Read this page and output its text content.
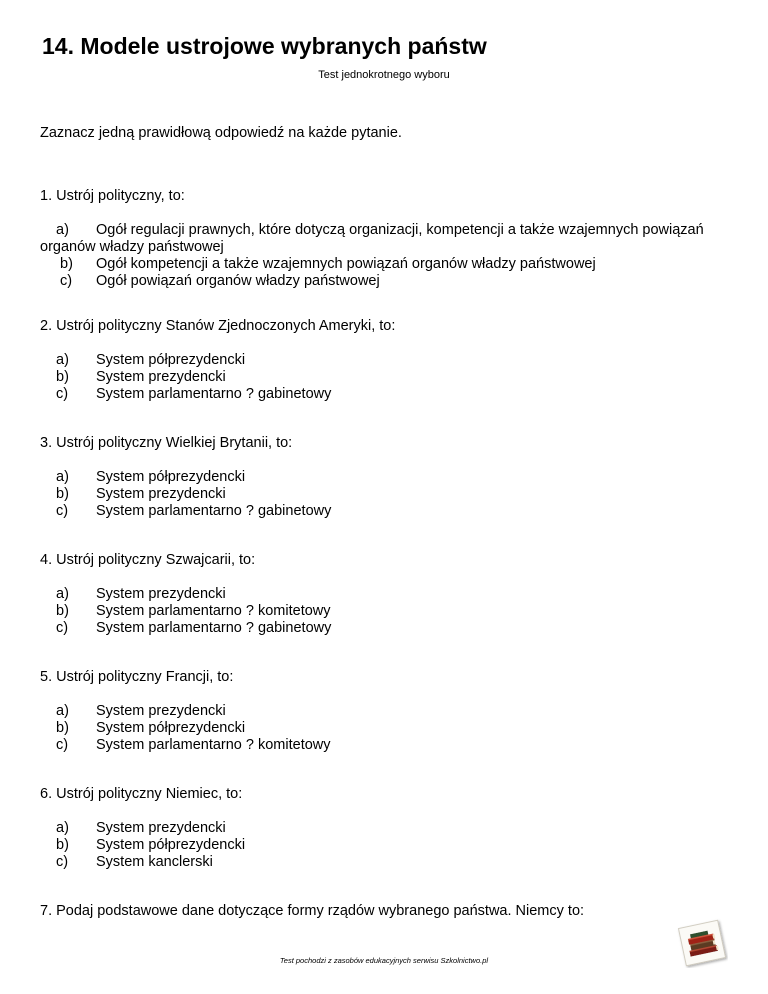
14. Modele ustrojowe wybranych państw
Test jednokrotnego wyboru
Zaznacz jedną prawidłową odpowiedź na każde pytanie.

1. Ustrój polityczny, to:

a) Ogół regulacji prawnych, które dotyczą organizacji, kompetencji a także wzajemnych powiązań organów władzy państwowej
b) Ogół kompetencji a także wzajemnych powiązań organów władzy państwowej
c) Ogół powiązań organów władzy państwowej

2. Ustrój polityczny Stanów Zjednoczonych Ameryki, to:

a) System półprezydencki
b) System prezydencki
c) System parlamentarno ? gabinetowy

3. Ustrój polityczny Wielkiej Brytanii, to:

a) System półprezydencki
b) System prezydencki
c) System parlamentarno ? gabinetowy

4. Ustrój polityczny Szwajcarii, to:

a) System prezydencki
b) System parlamentarno ? komitetowy
c) System parlamentarno ? gabinetowy

5. Ustrój polityczny Francji, to:

a) System prezydencki
b) System półprezydencki
c) System parlamentarno ? komitetowy

6. Ustrój polityczny Niemiec, to:

a) System prezydencki
b) System półprezydencki
c) System kanclerski

7. Podaj podstawowe dane dotyczące formy rządów wybranego państwa. Niemcy to:

Test pochodzi z zasobów edukacyjnych serwisu Szkolnictwo.pl
